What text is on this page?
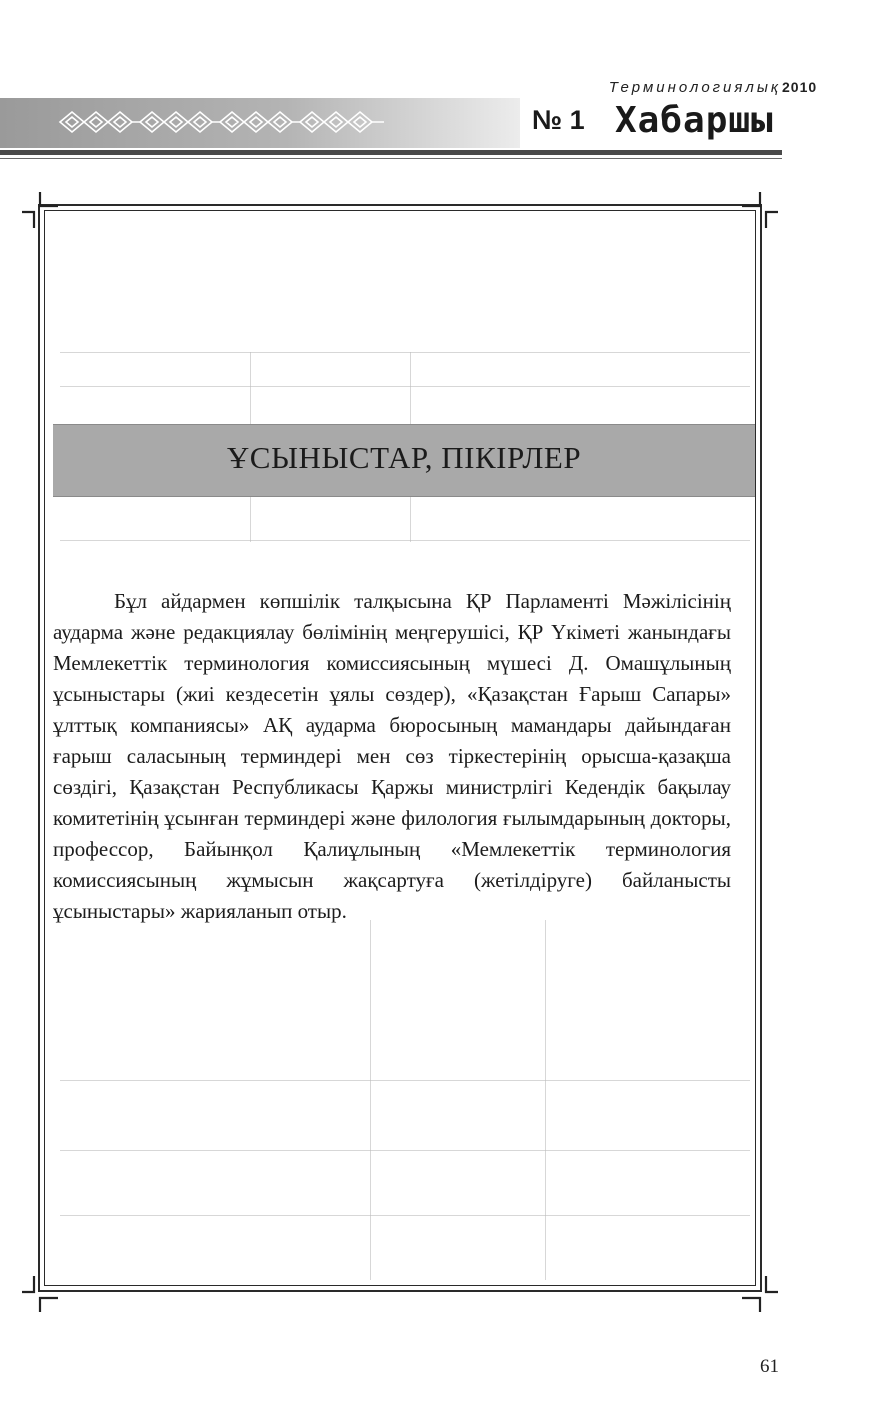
Терминологиялық 2010
№ 1 Хабаршы
ҰСЫНЫСТАР, ПІКІРЛЕР

Бұл айдармен көпшілік талқысына ҚР Парламенті Мәжілісінің аударма және редакциялау бөлімінің меңгерушісі, ҚР Үкіметі жанындағы Мемлекеттік терминология комиссиясының мүшесі Д. Омашұлының ұсыныстары (жиі кездесетін ұялы сөздер), «Қазақстан Ғарыш Сапары» ұлттық компаниясы» АҚ аударма бюросының мамандары дайындаған ғарыш саласының терминдері мен сөз тіркестерінің орысша-қазақша сөздігі, Қазақстан Республикасы Қаржы министрлігі Кедендік бақылау комитетінің ұсынған терминдері және филология ғылымдарының докторы, профессор, Байынқол Қалиұлының «Мемлекеттік терминология комиссиясының жұмысын жақсартуға (жетілдіруге) байланысты ұсыныстары» жарияланып отыр.

61
